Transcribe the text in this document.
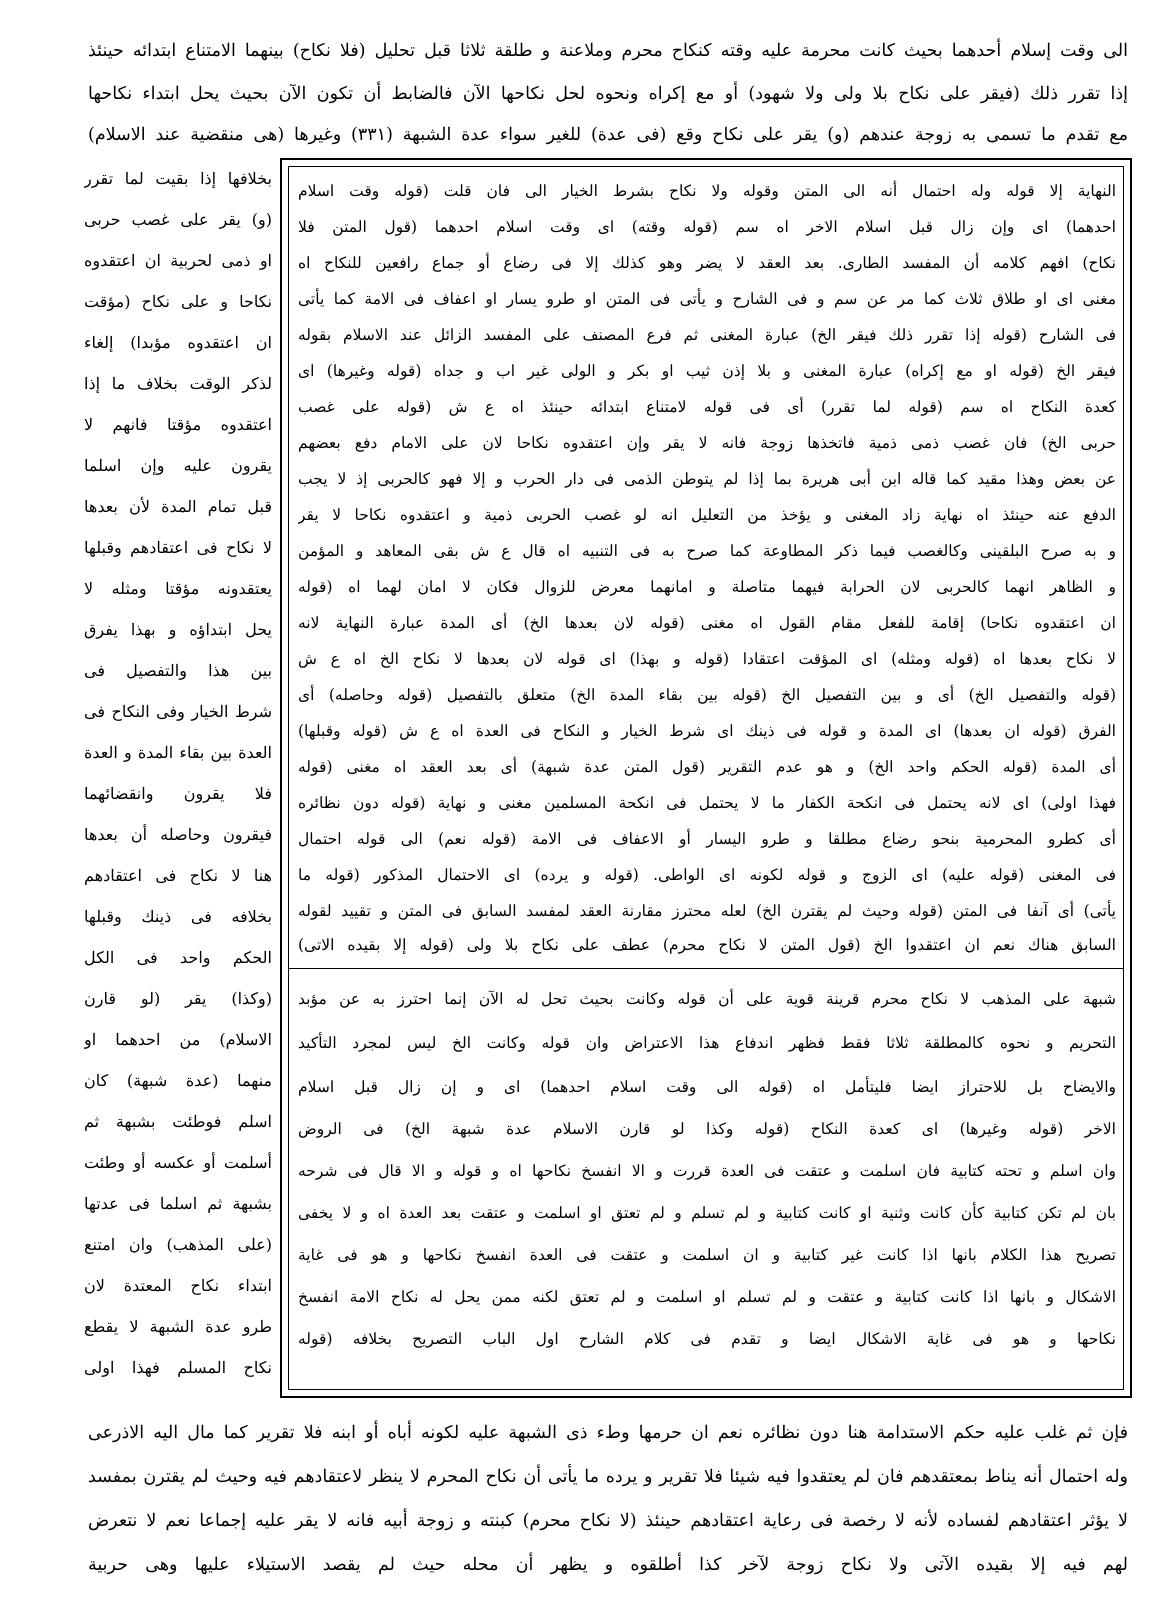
الى وقت إسلام أحدهما بحيث كانت محرمة عليه وقته كنكاح محرم وملاعنة و طلقة ثلاثا قبل تحليل (فلا نكاح) بينهما الامتناع ابتدائه حينئذ
إذا تقرر ذلك (فيقر على نكاح بلا ولى ولا شهود) أو مع إكراه ونحوه لحل نكاحها الآن فالضابط أن تكون الآن بحيث يحل ابتداء نكاحها
مع تقدم ما تسمى به زوجة عندهم (و) يقر على نكاح وقع (فى عدة) للغير سواء عدة الشبهة (٣٣١) وغيرها (هى منقضية عند الاسلام)
النهاية إلا قوله وله احتمال أنه الى المتن وقوله ولا نكاح بشرط الخيار الى فان قلت (قوله وقت اسلام
احدهما) اى وإن زال قبل اسلام الاخر اه سم (قوله وقته) اى وقت اسلام احدهما (قول المتن فلا
نكاح) افهم كلامه أن المفسد الطارى. بعد العقد لا يضر وهو كذلك إلا فى رضاع أو جماع رافعين للنكاح اه
مغنى اى او طلاق ثلاث كما مر عن سم و فى الشارح و يأتى فى المتن او طرو يسار او اعفاف فى الامة كما يأتى
فى الشارح (قوله إذا تقرر ذلك فيقر الخ) عبارة المغنى ثم فرع المصنف على المفسد الزائل عند الاسلام بقوله
فيقر الخ (قوله او مع إكراه) عبارة المغنى و بلا إذن ثيب او بكر و الولى غير اب و جداه (قوله وغيرها) اى
كعدة النكاح اه سم (قوله لما تقرر) أى فى قوله لامتناع ابتدائه حينئذ اه ع ش (قوله على غصب
حربى الخ) فان غصب ذمى ذمية فاتخذها زوجة فانه لا يقر وإن اعتقدوه نكاحا لان على الامام دفع بعضهم
عن بعض وهذا مقيد كما قاله ابن أبى هريرة بما إذا لم يتوطن الذمى فى دار الحرب و إلا فهو كالحربى إذ لا يجب
الدفع عنه حينئذ اه نهاية زاد المغنى و يؤخذ من التعليل انه لو غصب الحربى ذمية و اعتقدوه نكاحا لا يقر
و به صرح البلقينى وكالغصب فيما ذكر المطاوعة كما صرح به فى التنبيه اه قال ع ش بقى المعاهد و المؤمن
و الظاهر انهما كالحربى لان الحرابة فيهما متاصلة و امانهما معرض للزوال فكان لا امان لهما اه (قوله
ان اعتقدوه نكاحا) إقامة للفعل مقام القول اه مغنى (قوله لان بعدها الخ) أى المدة عبارة النهاية لانه
لا نكاح بعدها اه (قوله ومثله) اى المؤقت اعتقادا (قوله و بهذا) اى قوله لان بعدها لا نكاح الخ اه ع ش
(قوله والتفصيل الخ) أى و بين التفصيل الخ (قوله بين بقاء المدة الخ) متعلق بالتفصيل (قوله وحاصله) أى
الفرق (قوله ان بعدها) اى المدة و قوله فى ذينك اى شرط الخيار و النكاح فى العدة اه ع ش (قوله وقبلها)
أى المدة (قوله الحكم واحد الخ) و هو عدم التقرير (قول المتن عدة شبهة) أى بعد العقد اه مغنى (قوله
فهذا اولى) اى لانه يحتمل فى انكحة الكفار ما لا يحتمل فى انكحة المسلمين مغنى و نهاية (قوله دون نظائره
أى كطرو المحرمية بنحو رضاع مطلقا و طرو اليسار أو الاعفاف فى الامة (قوله نعم) الى قوله احتمال
فى المغنى (قوله عليه) اى الزوج و قوله لكونه اى الواطى. (قوله و يرده) اى الاحتمال المذكور (قوله ما
يأتى) أى آنفا فى المتن (قوله وحيث لم يقترن الخ) لعله محترز مقارنة العقد لمفسد السابق فى المتن و تقييد لقوله
السابق هناك نعم ان اعتقدوا الخ (قول المتن لا نكاح محرم) عطف على نكاح بلا ولى (قوله إلا بقيده الاتى)
شبهة على المذهب لا نكاح محرم قرينة قوية على أن قوله وكانت بحيث تحل له الآن إنما احترز به عن مؤبد
التحريم و نحوه كالمطلقة ثلاثا فقط فظهر اندفاع هذا الاعتراض وان قوله وكانت الخ ليس لمجرد التأكيد
والايضاح بل للاحتراز ايضا فليتأمل اه (قوله الى وقت اسلام احدهما) اى و إن زال قبل اسلام
الاخر (قوله وغيرها) اى كعدة النكاح (قوله وكذا لو قارن الاسلام عدة شبهة الخ) فى الروض
وان اسلم و تحته كتابية فان اسلمت و عتقت فى العدة قررت و الا انفسخ نكاحها اه و قوله و الا قال فى شرحه
بان لم تكن كتابية كأن كانت وثنية او كانت كتابية و لم تسلم و لم تعتق او اسلمت و عتقت بعد العدة اه و لا يخفى
تصريح هذا الكلام بانها اذا كانت غير كتابية و ان اسلمت و عتقت فى العدة انفسخ نكاحها و هو فى غاية
الاشكال و بانها اذا كانت كتابية و عتقت و لم تسلم او اسلمت و لم تعتق لكنه ممن يحل له نكاح الامة انفسخ
نكاحها و هو فى غاية الاشكال ايضا و تقدم فى كلام الشارح اول الباب التصريح بخلافه (قوله
بخلافها إذا بقيت لما تقرر
(و) يقر على غصب حربى
او ذمى لحربية ان اعتقدوه
نكاحا و على نكاح (مؤقت
ان اعتقدوه مؤبدا) إلغاء
لذكر الوقت بخلاف ما إذا
اعتقدوه مؤقتا فانهم لا
يقرون عليه وإن اسلما
قبل تمام المدة لأن بعدها
لا نكاح فى اعتقادهم وقبلها
يعتقدونه مؤقتا ومثله لا
يحل ابتداؤه و بهذا يفرق
بين هذا والتفصيل فى
شرط الخيار وفى النكاح فى
العدة بين بقاء المدة و العدة
فلا يقرون وانقضائهما
فيقرون وحاصله أن بعدها
هنا لا نكاح فى اعتقادهم
بخلافه فى ذينك وقبلها
الحكم واحد فى الكل
(وكذا) يقر (لو قارن
الاسلام) من احدهما او
منهما (عدة شبهة) كان
اسلم فوطئت بشبهة ثم
أسلمت أو عكسه أو وطئت
بشبهة ثم اسلما فى عدتها
(على المذهب) وان امتنع
ابتداء نكاح المعتدة لان
طرو عدة الشبهة لا يقطع
نكاح المسلم فهذا اولى
فإن ثم غلب عليه حكم الاستدامة هنا دون نظائره نعم ان حرمها وطء ذى الشبهة عليه لكونه أباه أو ابنه فلا تقرير كما مال اليه الاذرعى
وله احتمال أنه يناط بمعتقدهم فان لم يعتقدوا فيه شيئا فلا تقرير و يرده ما يأتى أن نكاح المحرم لا ينظر لاعتقادهم فيه وحيث لم يقترن بمفسد
لا يؤثر اعتقادهم لفساده لأنه لا رخصة فى رعاية اعتقادهم حينئذ (لا نكاح محرم) كبنته و زوجة أبيه فانه لا يقر عليه إجماعا نعم لا نتعرض
لهم فيه إلا بقيده الآتى ولا نكاح زوجة لآخر كذا أطلقوه و يظهر أن محله حيث لم يقصد الاستيلاء عليها وهى حربية
